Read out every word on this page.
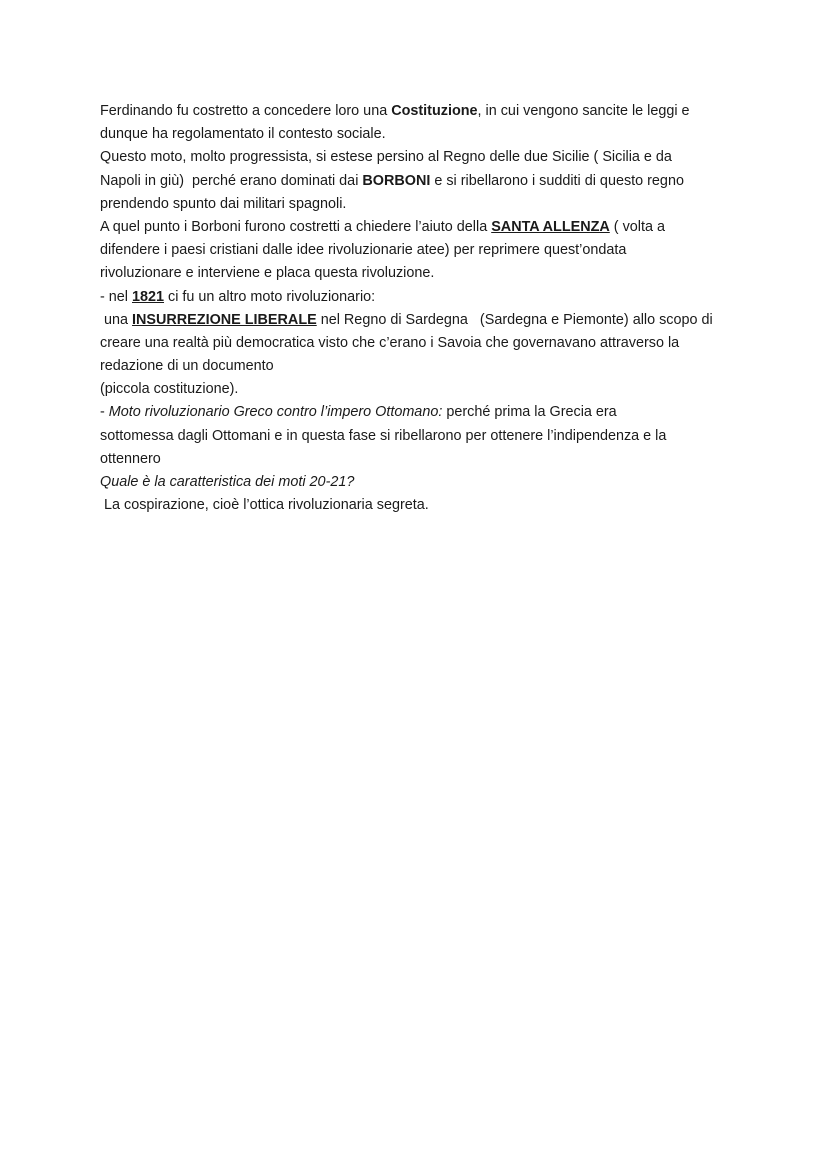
Ferdinando fu costretto a concedere loro una Costituzione, in cui vengono sancite le leggi e
dunque ha regolamentato il contesto sociale.
Questo moto, molto progressista, si estese persino al Regno delle due Sicilie ( Sicilia e da
Napoli in giù)  perché erano dominati dai BORBONI e si ribellarono i sudditi di questo regno
prendendo spunto dai militari spagnoli.
A quel punto i Borboni furono costretti a chiedere l’aiuto della SANTA ALLENZA ( volta a
difendere i paesi cristiani dalle idee rivoluzionarie atee) per reprimere quest’ondata
rivoluzionare e interviene e placa questa rivoluzione.
- nel 1821 ci fu un altro moto rivoluzionario:
una INSURREZIONE LIBERALE nel Regno di Sardegna   (Sardegna e Piemonte) allo scopo di
creare una realtà più democratica visto che c’erano i Savoia che governavano attraverso la
redazione di un documento
(piccola costituzione).
- Moto rivoluzionario Greco contro l’impero Ottomano: perché prima la Grecia era
sottomessa dagli Ottomani e in questa fase si ribellarono per ottenere l’indipendenza e la
ottennero
Quale è la caratteristica dei moti 20-21?
La cospirazione, cioè l’ottica rivoluzionaria segreta.
